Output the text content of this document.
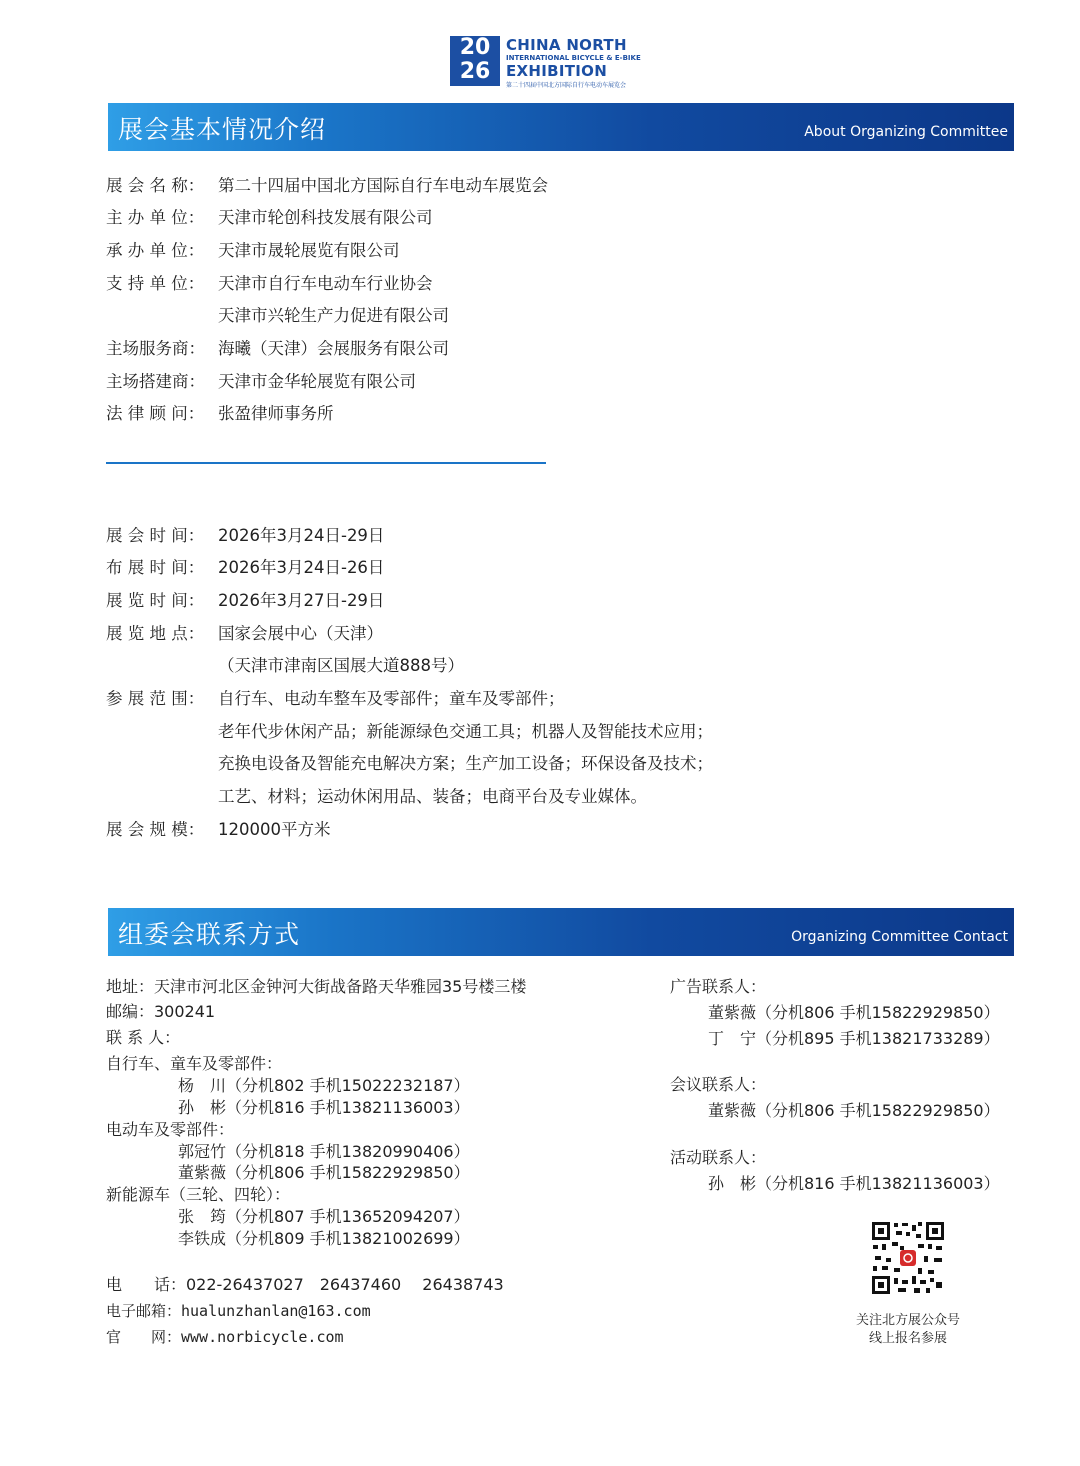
20
26
CHINA NORTH
INTERNATIONAL BICYCLE & E-BIKE
EXHIBITION
第二十四届中国北方国际自行车电动车展览会
展会基本情况介绍	About Organizing Committee
展 会 名 称： 第二十四届中国北方国际自行车电动车展览会
主 办 单 位： 天津市轮创科技发展有限公司
承 办 单 位： 天津市晟轮展览有限公司
支 持 单 位： 天津市自行车电动车行业协会
天津市兴轮生产力促进有限公司
主场服务商： 海曦（天津）会展服务有限公司
主场搭建商： 天津市金华轮展览有限公司
法 律 顾 问： 张盈律师事务所
展 会 时 间： 2026年3月24日-29日
布 展 时 间： 2026年3月24日-26日
展 览 时 间： 2026年3月27日-29日
展 览 地 点： 国家会展中心（天津）
（天津市津南区国展大道888号）
参 展 范 围： 自行车、电动车整车及零部件；童车及零部件；
老年代步休闲产品；新能源绿色交通工具；机器人及智能技术应用；
充换电设备及智能充电解决方案；生产加工设备；环保设备及技术；
工艺、材料；运动休闲用品、装备；电商平台及专业媒体。
展 会 规 模： 120000平方米
组委会联系方式	Organizing Committee Contact
地址：天津市河北区金钟河大街战备路天华雅园35号楼三楼
邮编：300241
联 系 人：
自行车、童车及零部件：
杨　川（分机802 手机15022232187）
孙　彬（分机816 手机13821136003）
电动车及零部件：
郭冠竹（分机818 手机13820990406）
董紫薇（分机806 手机15822929850）
新能源车（三轮、四轮）：
张　筠（分机807 手机13652094207）
李铁成（分机809 手机13821002699）
电　　话：022-26437027　26437460　 26438743
电子邮箱：hualunzhanlan@163.com
官　　网：www.norbicycle.com
广告联系人：
董紫薇（分机806 手机15822929850）
丁　宁（分机895 手机13821733289）
会议联系人：
董紫薇（分机806 手机15822929850）
活动联系人：
孙　彬（分机816 手机13821136003）
关注北方展公众号
线上报名参展
